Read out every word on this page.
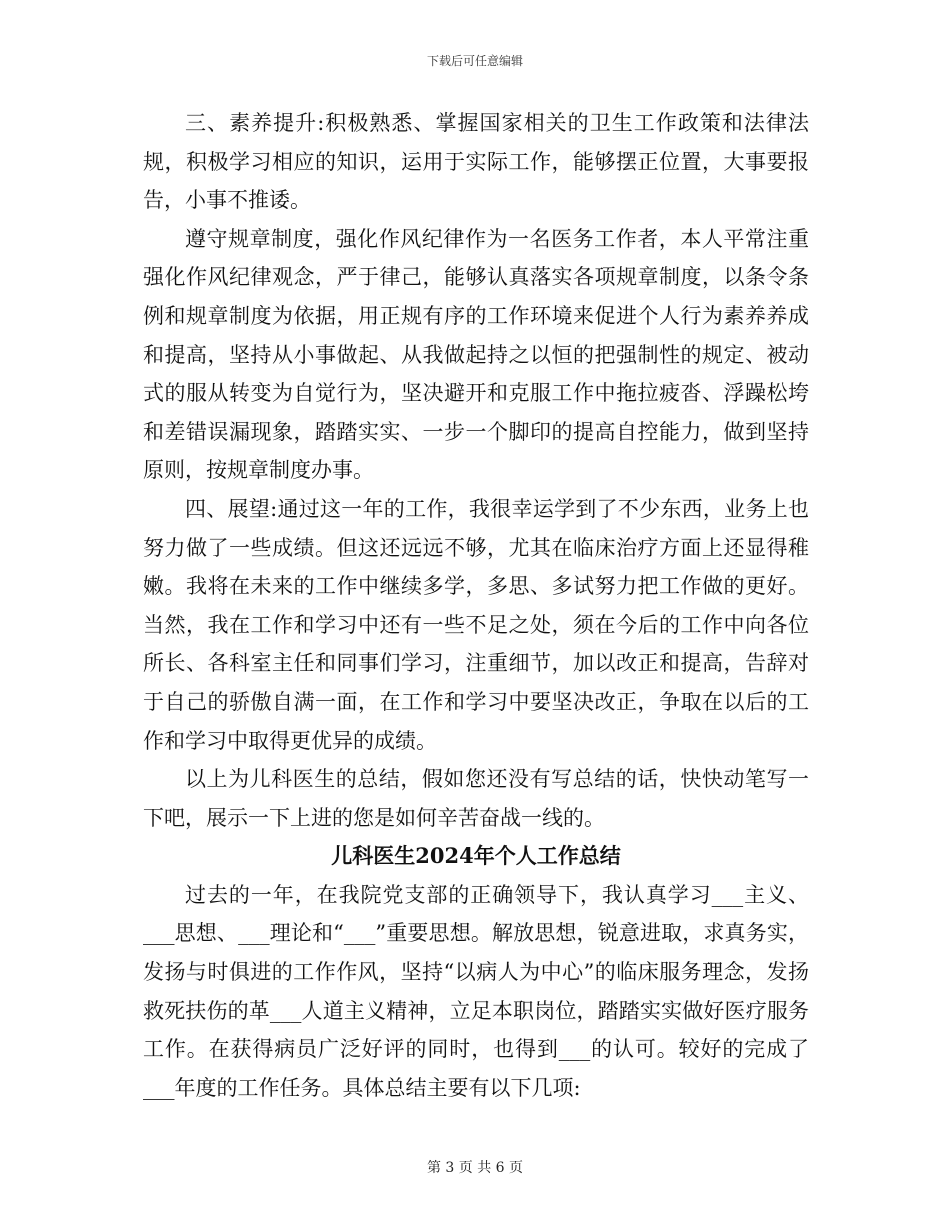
下载后可任意编辑

三、素养提升:积极熟悉、掌握国家相关的卫生工作政策和法律法规，积极学习相应的知识，运用于实际工作，能够摆正位置，大事要报告，小事不推诿。

遵守规章制度，强化作风纪律作为一名医务工作者，本人平常注重强化作风纪律观念，严于律己，能够认真落实各项规章制度，以条令条例和规章制度为依据，用正规有序的工作环境来促进个人行为素养养成和提高，坚持从小事做起、从我做起持之以恒的把强制性的规定、被动式的服从转变为自觉行为，坚决避开和克服工作中拖拉疲沓、浮躁松垮和差错误漏现象，踏踏实实、一步一个脚印的提高自控能力，做到坚持原则，按规章制度办事。

四、展望:通过这一年的工作，我很幸运学到了不少东西，业务上也努力做了一些成绩。但这还远远不够，尤其在临床治疗方面上还显得稚嫩。我将在未来的工作中继续多学，多思、多试努力把工作做的更好。当然，我在工作和学习中还有一些不足之处，须在今后的工作中向各位所长、各科室主任和同事们学习，注重细节，加以改正和提高，告辞对于自己的骄傲自满一面，在工作和学习中要坚决改正，争取在以后的工作和学习中取得更优异的成绩。

以上为儿科医生的总结，假如您还没有写总结的话，快快动笔写一下吧，展示一下上进的您是如何辛苦奋战一线的。

儿科医生2024年个人工作总结

过去的一年，在我院党支部的正确领导下，我认真学习___主义、___思想、___理论和“___”重要思想。解放思想，锐意进取，求真务实，发扬与时俱进的工作作风，坚持“以病人为中心”的临床服务理念，发扬救死扶伤的革___人道主义精神，立足本职岗位，踏踏实实做好医疗服务工作。在获得病员广泛好评的同时，也得到___的认可。较好的完成了___年度的工作任务。具体总结主要有以下几项:

第 3 页 共 6 页
